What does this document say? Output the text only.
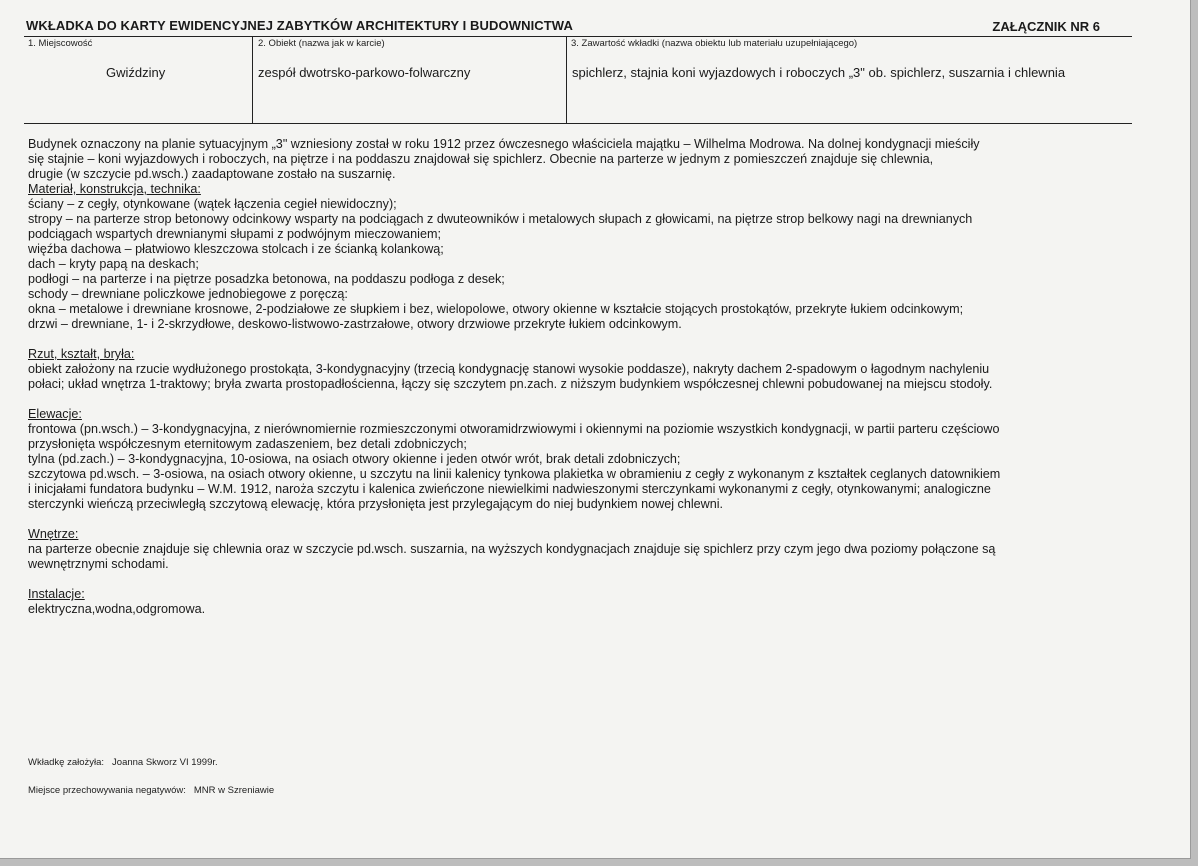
WKŁADKA DO KARTY EWIDENCYJNEJ ZABYTKÓW ARCHITEKTURY I BUDOWNICTWA	ZAŁĄCZNIK NR 6
1. Miejscowość	2. Obiekt (nazwa jak w karcie)	3. Zawartość wkładki (nazwa obiektu lub materiału uzupełniającego)
Gwiździny	zespół dwotrsko-parkowo-folwarczny	spichlerz, stajnia koni wyjazdowych i roboczych „3" ob. spichlerz, suszarnia i chlewnia

Budynek oznaczony na planie sytuacyjnym „3" wzniesiony został w roku 1912 przez ówczesnego właściciela majątku – Wilhelma Modrowa. Na dolnej kondygnacji mieściły

się stajnie – koni wyjazdowych i roboczych, na piętrze i na poddaszu znajdował się spichlerz. Obecnie na parterze w jednym z pomieszczeń znajduje się chlewnia,

drugie (w szczycie pd.wsch.) zaadaptowane zostało na suszarnię.

Materiał, konstrukcja, technika:

ściany – z cegły, otynkowane (wątek łączenia cegieł niewidoczny);

stropy – na parterze strop betonowy odcinkowy wsparty na podciągach z dwuteowników i metalowych słupach z głowicami, na piętrze strop belkowy nagi na drewnianych

podciągach wspartych drewnianymi słupami z podwójnym mieczowaniem;

więźba dachowa – płatwiowo kleszczowa stolcach i ze ścianką kolankową;

dach – kryty papą na deskach;

podłogi – na parterze i na piętrze posadzka betonowa, na poddaszu podłoga z desek;

schody – drewniane policzkowe jednobiegowe z poręczą:

okna – metalowe i drewniane krosnowe, 2-podziałowe ze słupkiem i bez, wielopolowe, otwory okienne w kształcie stojących prostokątów, przekryte łukiem odcinkowym;

drzwi – drewniane, 1- i 2-skrzydłowe, deskowo-listwowo-zastrzałowe, otwory drzwiowe przekryte łukiem odcinkowym.

Rzut, kształt, bryła:

obiekt założony na rzucie wydłużonego prostokąta, 3-kondygnacyjny (trzecią kondygnację stanowi wysokie poddasze), nakryty dachem 2-spadowym o łagodnym nachyleniu

połaci; układ wnętrza 1-traktowy; bryła zwarta prostopadłościenna, łączy się szczytem pn.zach. z niższym budynkiem współczesnej chlewni pobudowanej na miejscu stodoły.

Elewacje:

frontowa (pn.wsch.) – 3-kondygnacyjna, z nierównomiernie rozmieszczonymi otworamidrzwiowymi i okiennymi na poziomie wszystkich kondygnacji, w partii parteru częściowo

przysłonięta współczesnym eternitowym zadaszeniem, bez detali zdobniczych;

tylna (pd.zach.) – 3-kondygnacyjna, 10-osiowa, na osiach otwory okienne i jeden otwór wrót, brak detali zdobniczych;

szczytowa pd.wsch. – 3-osiowa, na osiach otwory okienne, u szczytu na linii kalenicy tynkowa plakietka w obramieniu z cegły z wykonanym z kształtek ceglanych datownikiem

i inicjałami fundatora budynku – W.M. 1912, naroża szczytu i kalenica zwieńczone niewielkimi nadwieszonymi sterczynkami wykonanymi z cegły, otynkowanymi; analogiczne

sterczynki wieńczą przeciwległą szczytową elewację, która przysłonięta jest przylegającym do niej budynkiem nowej chlewni.

Wnętrze:

na parterze obecnie znajduje się chlewnia oraz w szczycie pd.wsch. suszarnia, na wyższych kondygnacjach znajduje się spichlerz przy czym jego dwa poziomy połączone są

wewnętrznymi schodami.

Instalacje:

elektryczna,wodna,odgromowa.

Wkładkę założyła: Joanna Skworz VI 1999r.
Miejsce przechowywania negatywów: MNR w Szreniawie
